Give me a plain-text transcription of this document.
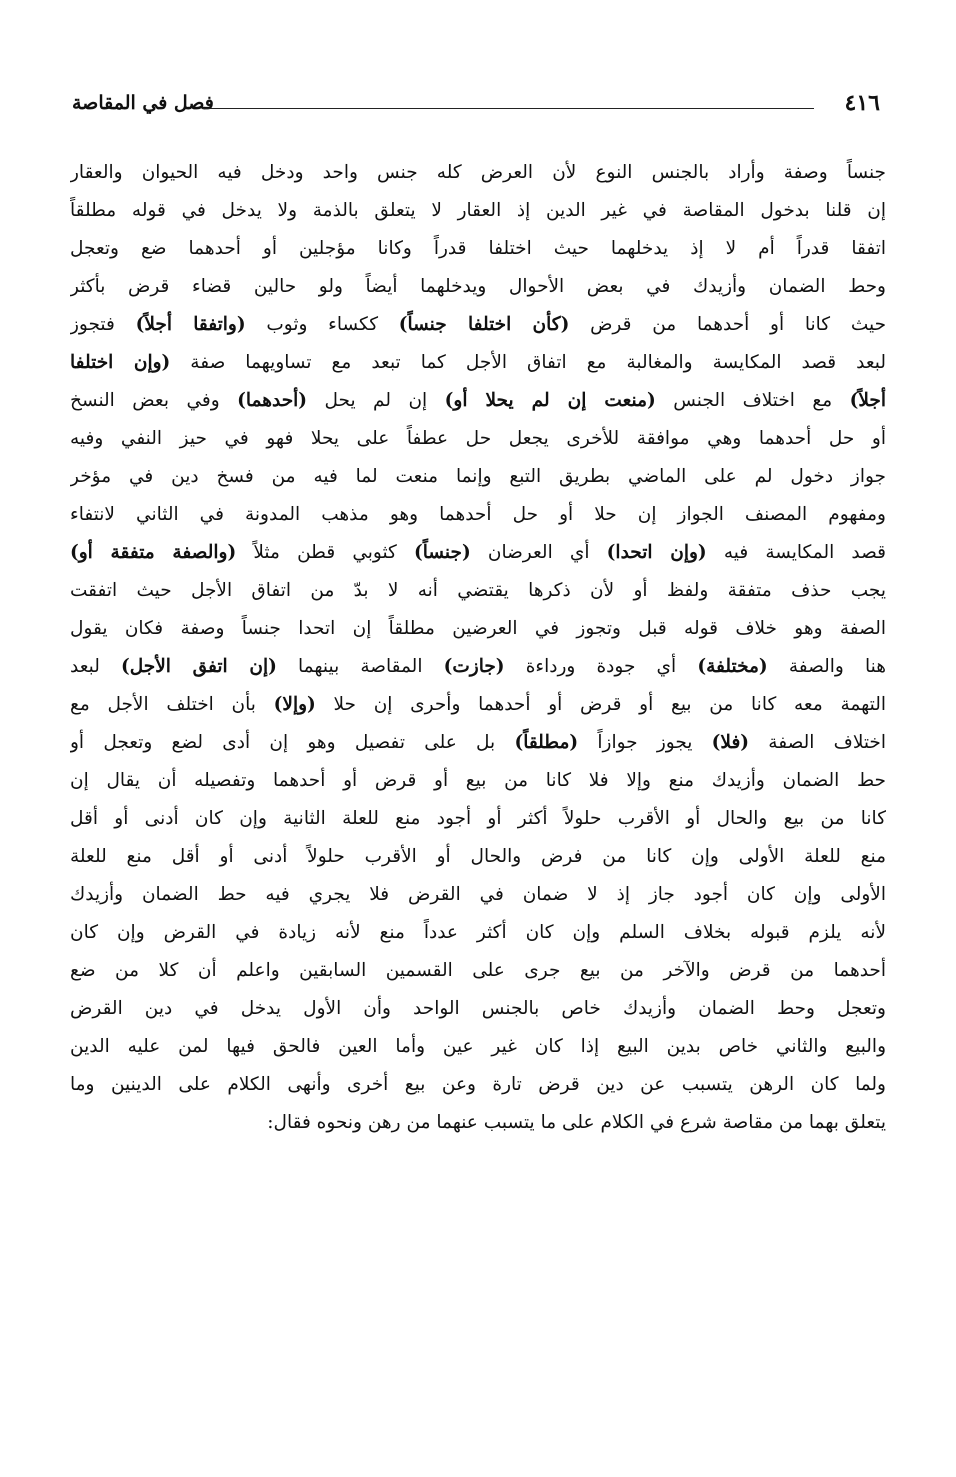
فصل في المقاصة	٤١٦
جنساً وصفة وأراد بالجنس النوع لأن العرض كله جنس واحد ودخل فيه الحيوان والعقار
إن قلنا بدخول المقاصة في غير الدين إذ العقار لا يتعلق بالذمة ولا يدخل في قوله مطلقاً
اتفقا قدراً أم لا إذ يدخلهما حيث اختلفا قدراً وكانا مؤجلين أو أحدهما ضع وتعجل
وحط الضمان وأزيدك في بعض الأحوال ويدخلهما أيضاً ولو حالين قضاء قرض بأكثر
حيث كانا أو أحدهما من قرض (كأن اختلفا جنساً) ككساء وثوب (واتفقا أجلاً) فتجوز
لبعد قصد المكايسة والمغالبة مع اتفاق الأجل كما تبعد مع تساويهما صفة (وإن اختلفا
أجلاً) مع اختلاف الجنس (منعت إن لم يحلا أو) إن لم يحل (أحدهما) وفي بعض النسخ
أو حل أحدهما وهي موافقة للأخرى يجعل حل عطفاً على يحلا فهو في حيز النفي وفيه
جواز دخول لم على الماضي بطريق التبع وإنما منعت لما فيه من فسخ دين في مؤخر
ومفهوم المصنف الجواز إن حلا أو حل أحدهما وهو مذهب المدونة في الثاني لانتفاء
قصد المكايسة فيه (وإن اتحدا) أي العرضان (جنساً) كثوبي قطن مثلاً (والصفة متفقة أو)
يجب حذف متفقة ولفظ أو لأن ذكرها يقتضي أنه لا بدّ من اتفاق الأجل حيث اتفقت
الصفة وهو خلاف قوله قبل وتجوز في العرضين مطلقاً إن اتحدا جنساً وصفة فكان يقول
هنا والصفة (مختلفة) أي جودة ورداءة (جازت) المقاصة بينهما (إن اتفق الأجل) لبعد
التهمة معه كانا من بيع أو قرض أو أحدهما وأحرى إن حلا (وإلا) بأن اختلف الأجل مع
اختلاف الصفة (فلا) يجوز جوازاً (مطلقاً) بل على تفصيل وهو إن أدى لضع وتعجل أو
حط الضمان وأزيدك منع وإلا فلا كانا من بيع أو قرض أو أحدهما وتفصيله أن يقال إن
كانا من بيع والحال أو الأقرب حلولاً أكثر أو أجود منع للعلة الثانية وإن كان أدنى أو أقل
منع للعلة الأولى وإن كانا من فرض والحال أو الأقرب حلولاً أدنى أو أقل منع للعلة
الأولى وإن كان أجود جاز إذ لا ضمان في القرض فلا يجري فيه حط الضمان وأزيدك
لأنه يلزم قبوله بخلاف السلم وإن كان أكثر عدداً منع لأنه زيادة في القرض وإن كان
أحدهما من قرض والآخر من بيع جرى على القسمين السابقين واعلم أن كلا من ضع
وتعجل وحط الضمان وأزيدك خاص بالجنس الواحد وأن الأول يدخل في دين القرض
والبيع والثاني خاص بدين البيع إذا كان غير عين وأما العين فالحق فيها لمن عليه الدين
ولما كان الرهن يتسبب عن دين قرض تارة وعن بيع أخرى وأنهى الكلام على الدينين وما
يتعلق بهما من مقاصة شرع في الكلام على ما يتسبب عنهما من رهن ونحوه فقال:
